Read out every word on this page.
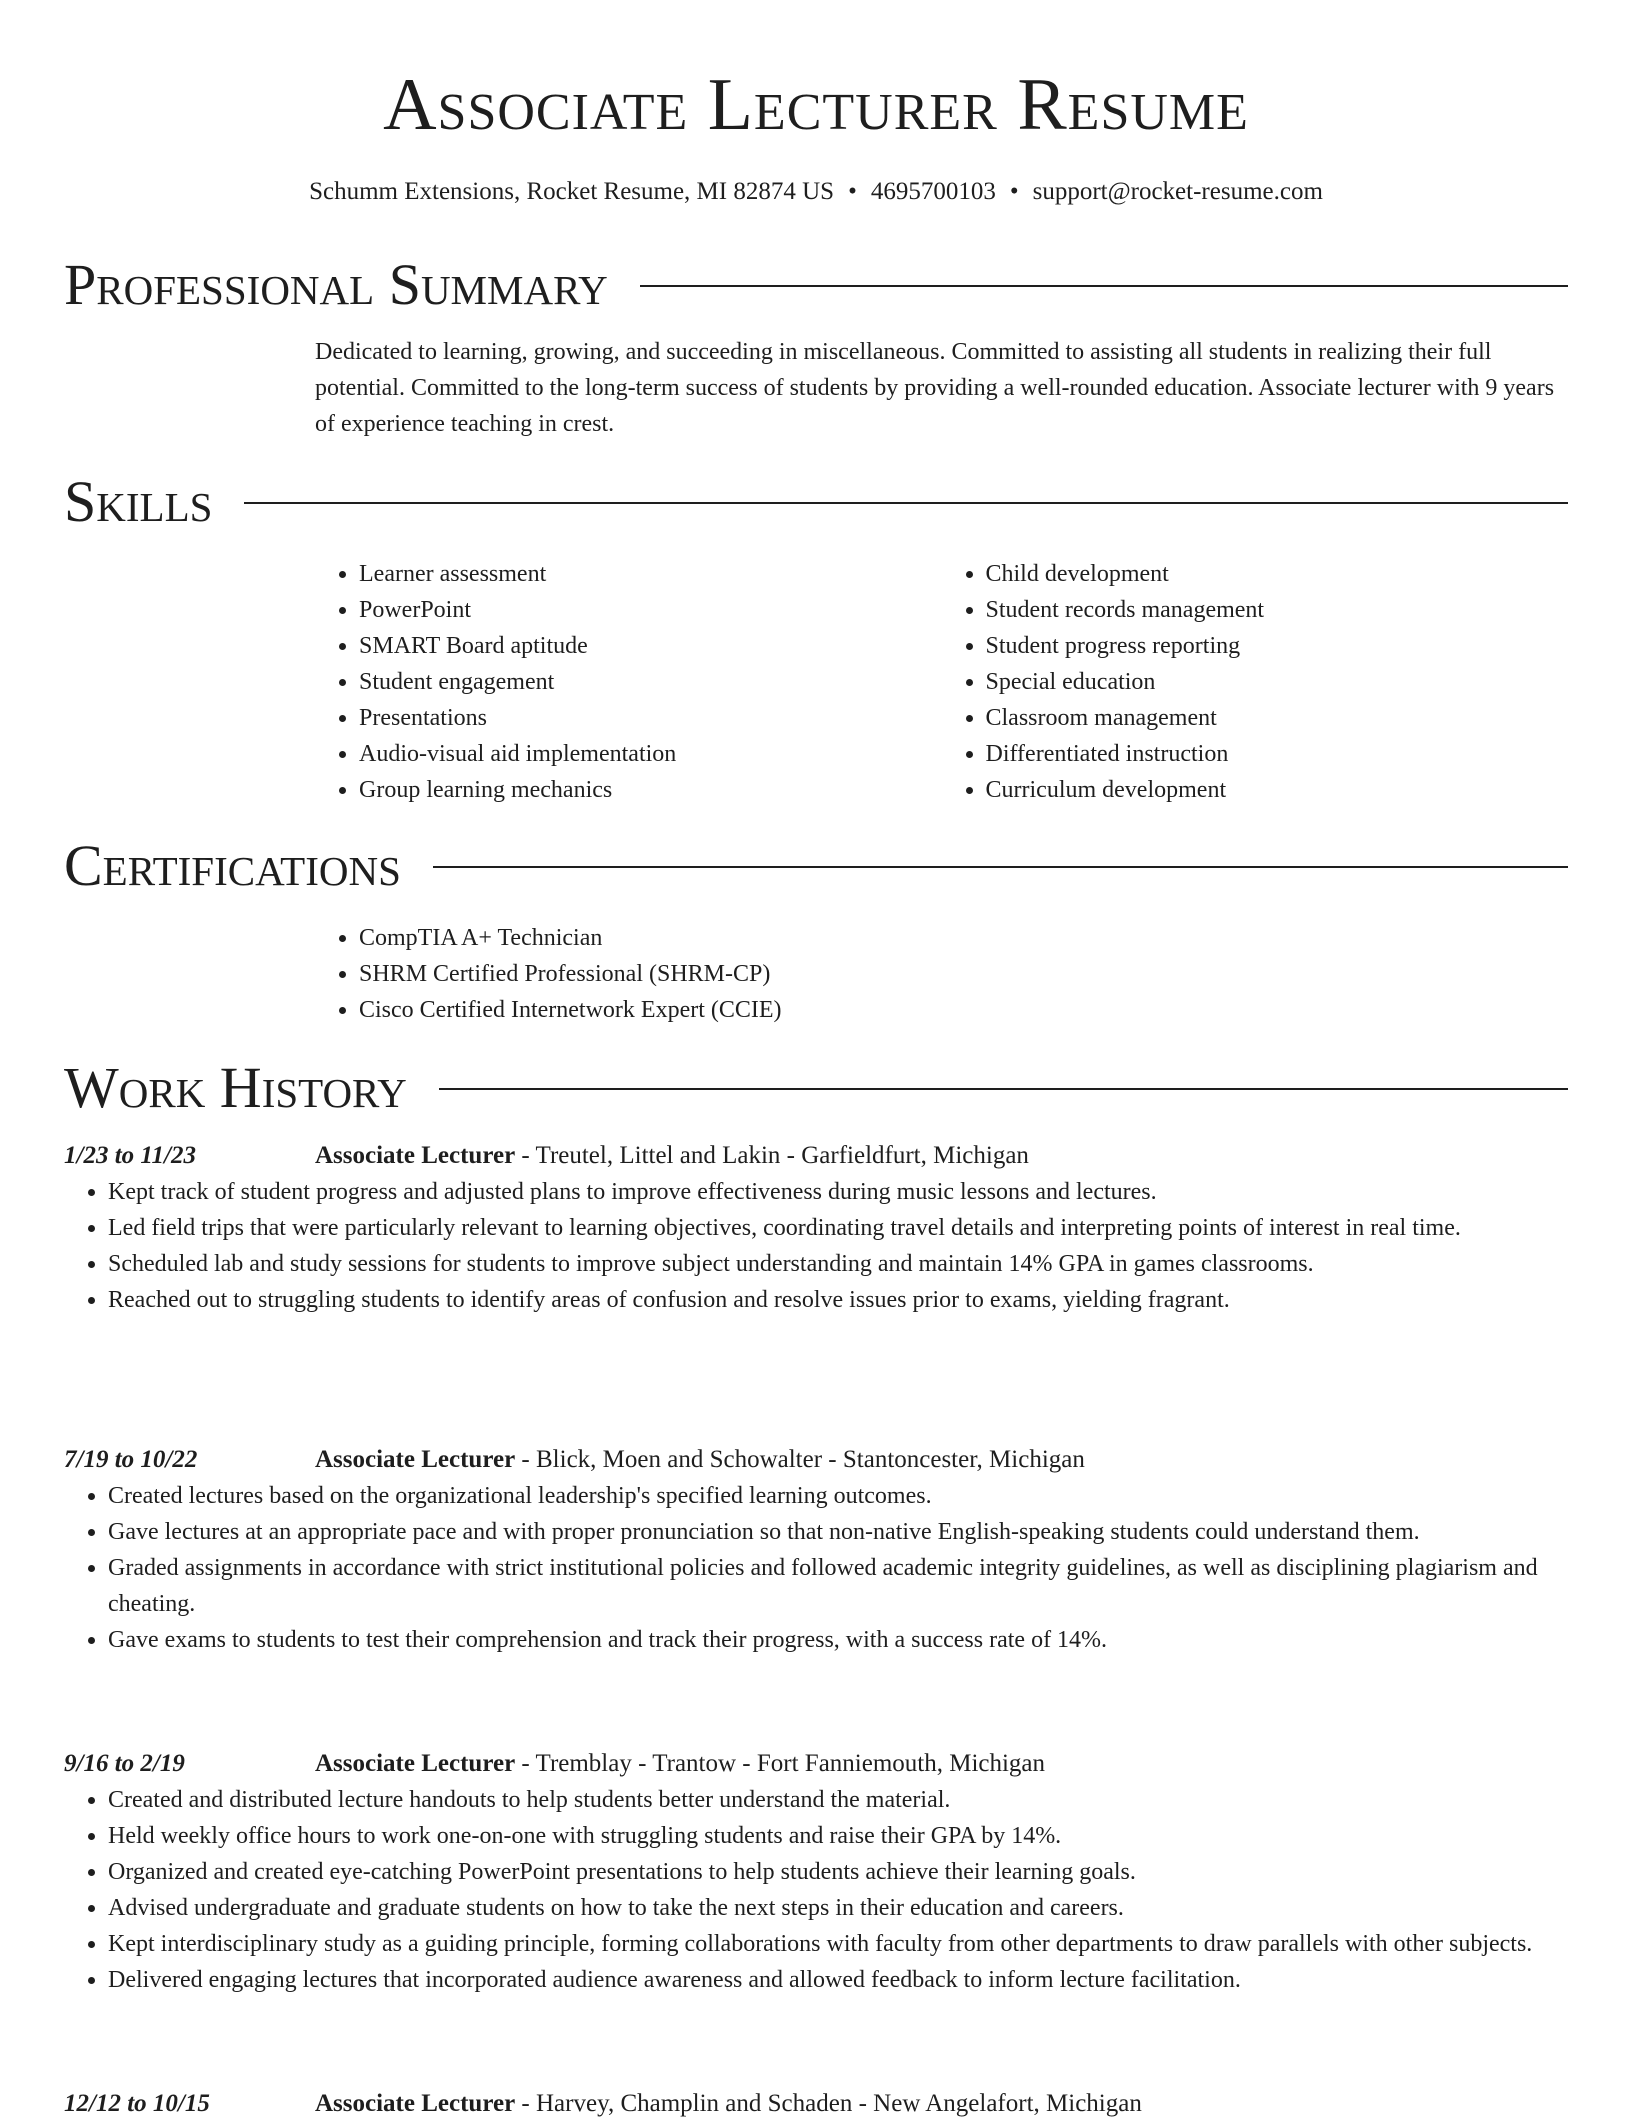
Associate Lecturer Resume
Schumm Extensions, Rocket Resume, MI 82874 US • 4695700103 • support@rocket-resume.com
Professional Summary
Dedicated to learning, growing, and succeeding in miscellaneous. Committed to assisting all students in realizing their full potential. Committed to the long-term success of students by providing a well-rounded education. Associate lecturer with 9 years of experience teaching in crest.
Skills
• Learner assessment
• PowerPoint
• SMART Board aptitude
• Student engagement
• Presentations
• Audio-visual aid implementation
• Group learning mechanics
• Child development
• Student records management
• Student progress reporting
• Special education
• Classroom management
• Differentiated instruction
• Curriculum development
Certifications
• CompTIA A+ Technician
• SHRM Certified Professional (SHRM-CP)
• Cisco Certified Internetwork Expert (CCIE)
Work History
1/23 to 11/23	Associate Lecturer - Treutel, Littel and Lakin - Garfieldfurt, Michigan
• Kept track of student progress and adjusted plans to improve effectiveness during music lessons and lectures.
• Led field trips that were particularly relevant to learning objectives, coordinating travel details and interpreting points of interest in real time.
• Scheduled lab and study sessions for students to improve subject understanding and maintain 14% GPA in games classrooms.
• Reached out to struggling students to identify areas of confusion and resolve issues prior to exams, yielding fragrant.
7/19 to 10/22	Associate Lecturer - Blick, Moen and Schowalter - Stantoncester, Michigan
• Created lectures based on the organizational leadership's specified learning outcomes.
• Gave lectures at an appropriate pace and with proper pronunciation so that non-native English-speaking students could understand them.
• Graded assignments in accordance with strict institutional policies and followed academic integrity guidelines, as well as disciplining plagiarism and cheating.
• Gave exams to students to test their comprehension and track their progress, with a success rate of 14%.
9/16 to 2/19	Associate Lecturer - Tremblay - Trantow - Fort Fanniemouth, Michigan
• Created and distributed lecture handouts to help students better understand the material.
• Held weekly office hours to work one-on-one with struggling students and raise their GPA by 14%.
• Organized and created eye-catching PowerPoint presentations to help students achieve their learning goals.
• Advised undergraduate and graduate students on how to take the next steps in their education and careers.
• Kept interdisciplinary study as a guiding principle, forming collaborations with faculty from other departments to draw parallels with other subjects.
• Delivered engaging lectures that incorporated audience awareness and allowed feedback to inform lecture facilitation.
12/12 to 10/15	Associate Lecturer - Harvey, Champlin and Schaden - New Angelafort, Michigan
